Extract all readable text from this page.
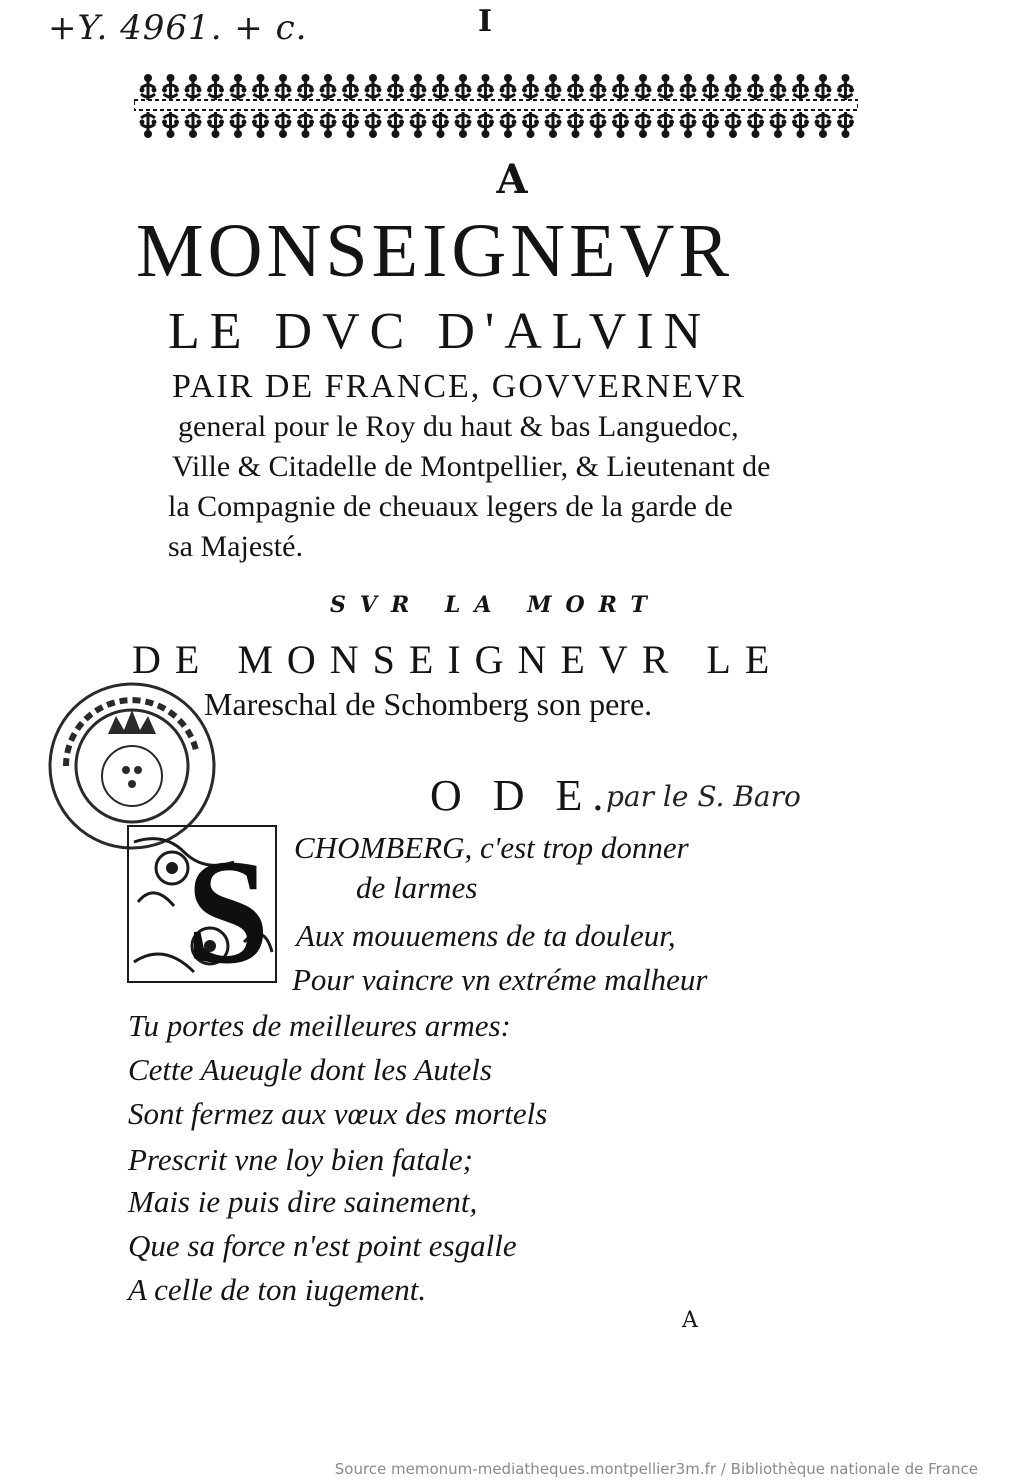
+Y. 4961. + c.	I
A
MONSEIGNEVR
LE DVC D'ALVIN
PAIR DE FRANCE, GOVVERNEVR
general pour le Roy du haut & bas Languedoc,
Ville & Citadelle de Montpellier, & Lieutenant de
la Compagnie de cheuaux legers de la garde de
sa Majesté.
SVR LA MORT
DE MONSEIGNEVR LE
Mareschal de Schomberg son pere.
O D E.
par le S. Baro
S CHOMBERG, c'est trop donner
de larmes
Aux mouuemens de ta douleur,
Pour vaincre vn extréme malheur
Tu portes de meilleures armes:
Cette Aueugle dont les Autels
Sont fermez aux vœux des mortels
Prescrit vne loy bien fatale;
Mais ie puis dire sainement,
Que sa force n'est point esgalle
A celle de ton iugement.
A
Source memonum-mediatheques.montpellier3m.fr / Bibliothèque nationale de France
